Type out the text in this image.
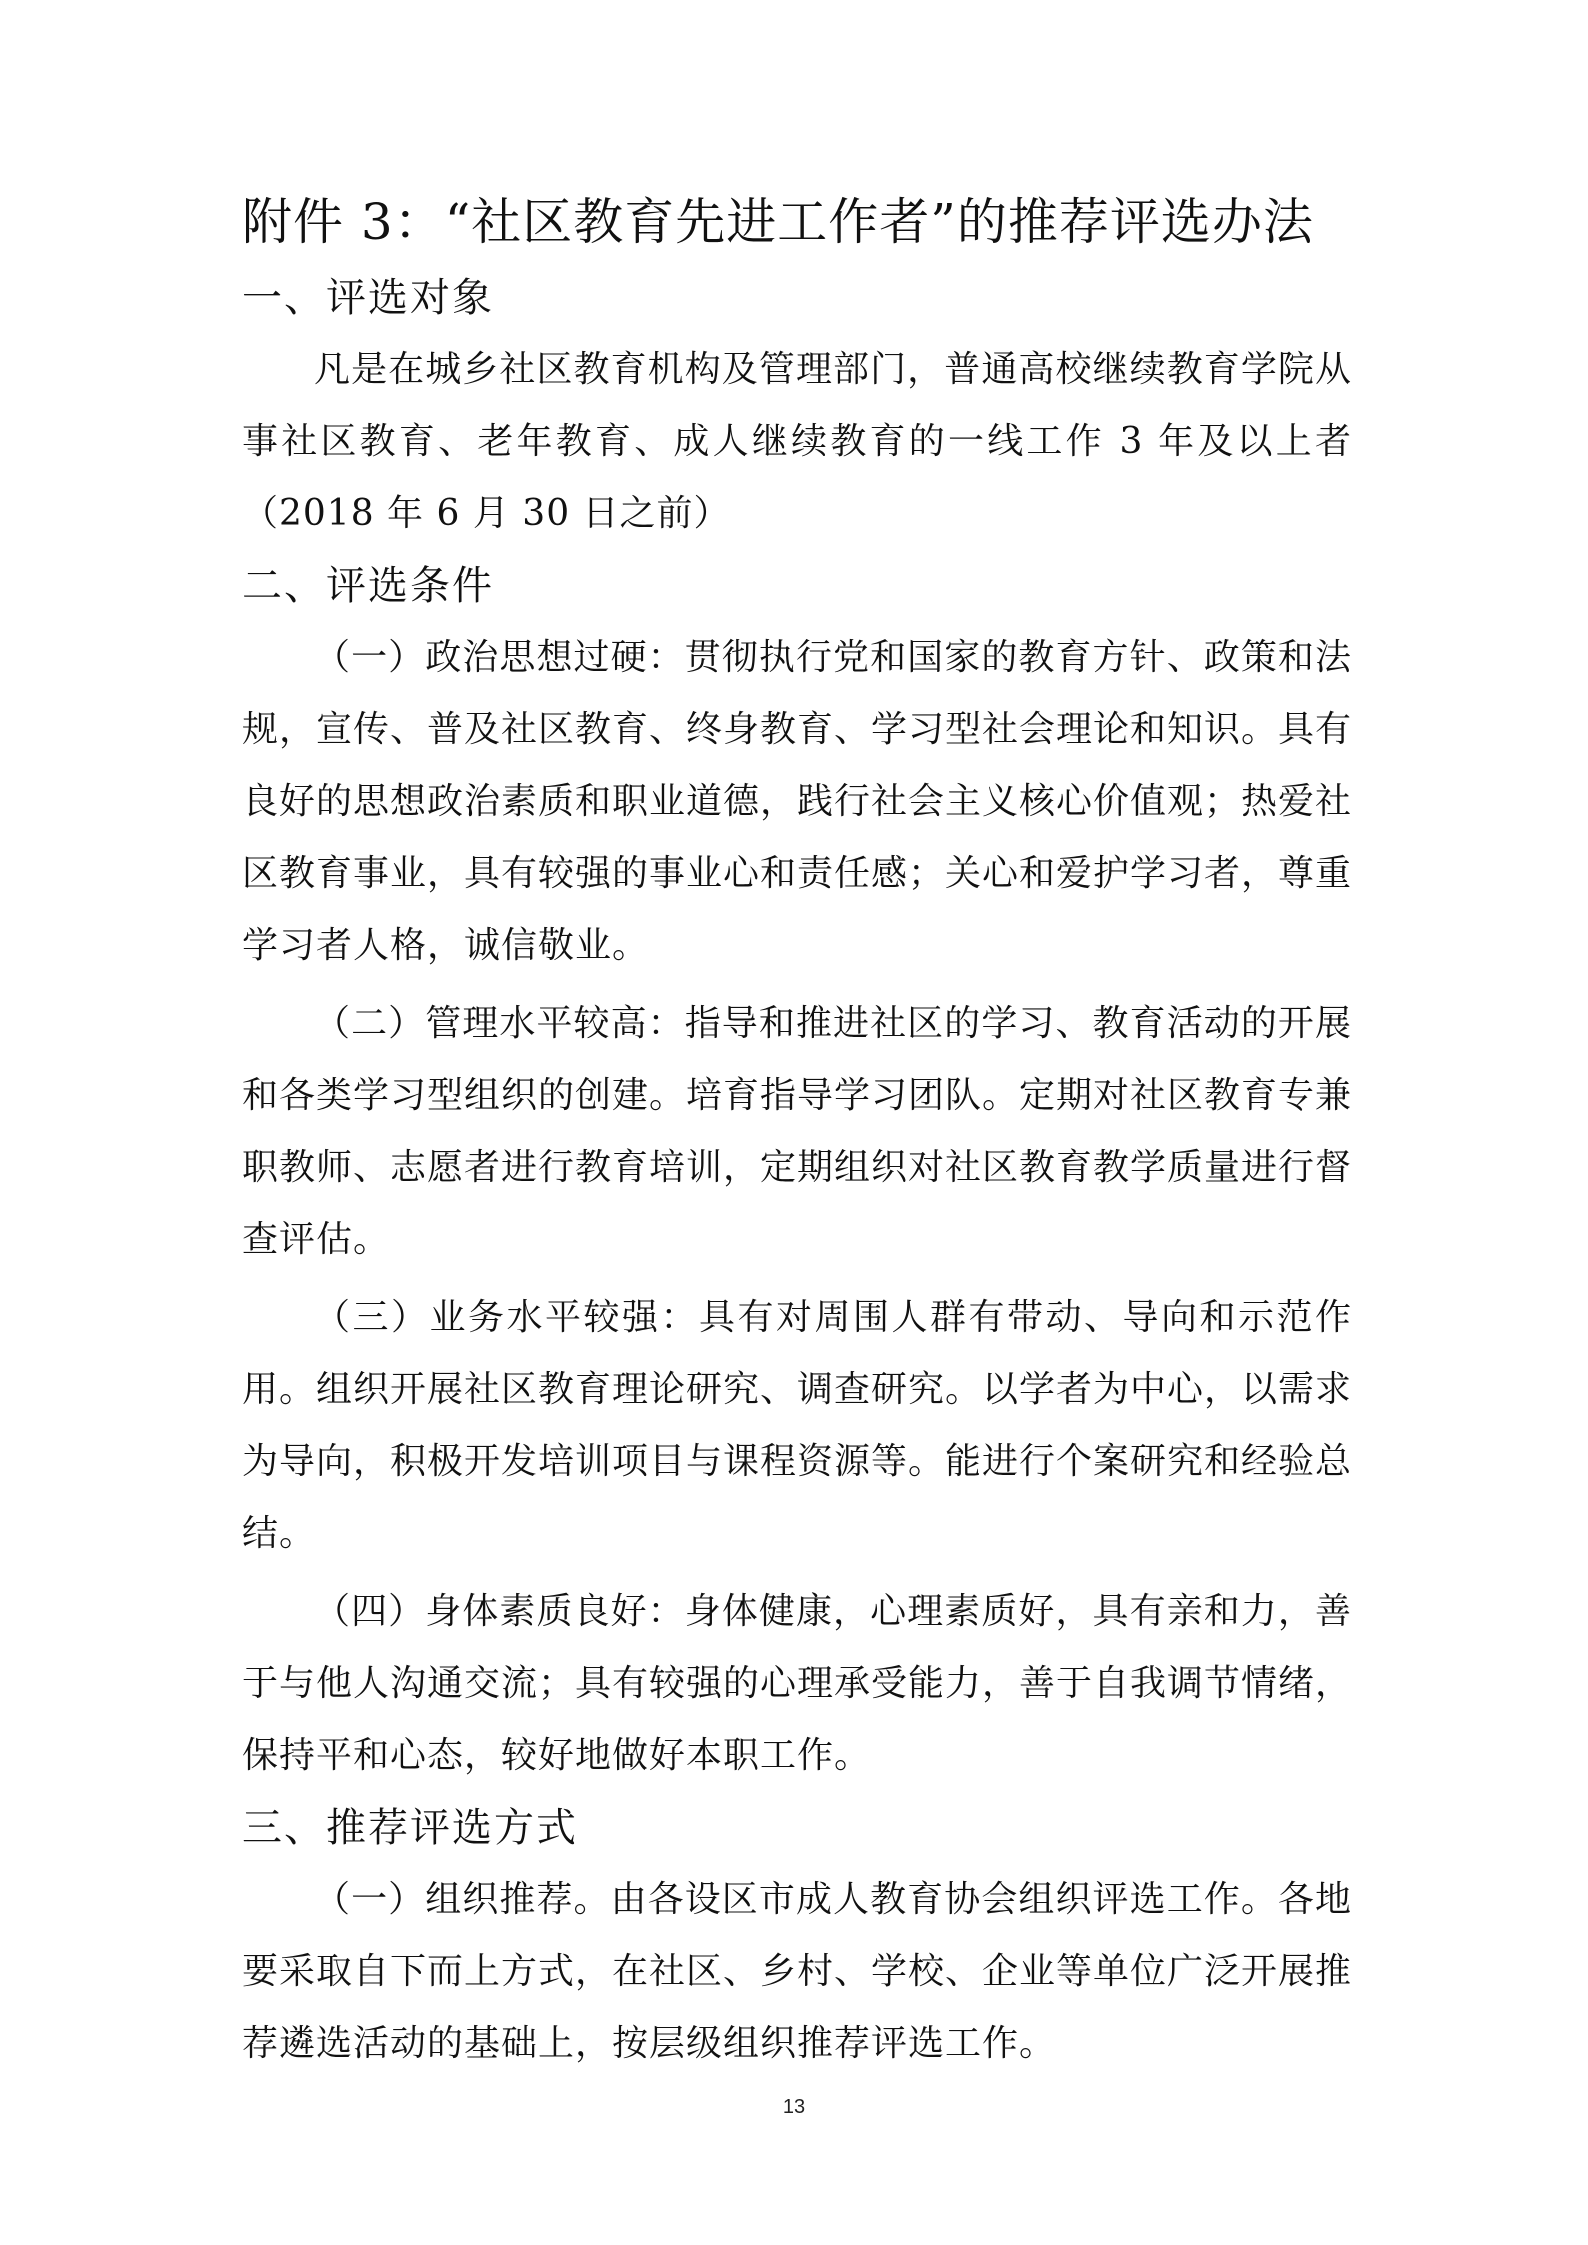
附件 3：“社区教育先进工作者”的推荐评选办法
一、评选对象

凡是在城乡社区教育机构及管理部门，普通高校继续教育学院从事社区教育、老年教育、成人继续教育的一线工作 3 年及以上者（2018 年 6 月 30 日之前）

二、评选条件

（一）政治思想过硬：贯彻执行党和国家的教育方针、政策和法规，宣传、普及社区教育、终身教育、学习型社会理论和知识。具有良好的思想政治素质和职业道德，践行社会主义核心价值观；热爱社区教育事业，具有较强的事业心和责任感；关心和爱护学习者，尊重学习者人格，诚信敬业。

（二）管理水平较高：指导和推进社区的学习、教育活动的开展和各类学习型组织的创建。培育指导学习团队。定期对社区教育专兼职教师、志愿者进行教育培训，定期组织对社区教育教学质量进行督查评估。

（三）业务水平较强：具有对周围人群有带动、导向和示范作用。组织开展社区教育理论研究、调查研究。以学者为中心，以需求为导向，积极开发培训项目与课程资源等。能进行个案研究和经验总结。

（四）身体素质良好：身体健康，心理素质好，具有亲和力，善于与他人沟通交流；具有较强的心理承受能力，善于自我调节情绪，保持平和心态，较好地做好本职工作。

三、推荐评选方式

（一）组织推荐。由各设区市成人教育协会组织评选工作。各地要采取自下而上方式，在社区、乡村、学校、企业等单位广泛开展推荐遴选活动的基础上，按层级组织推荐评选工作。

13
